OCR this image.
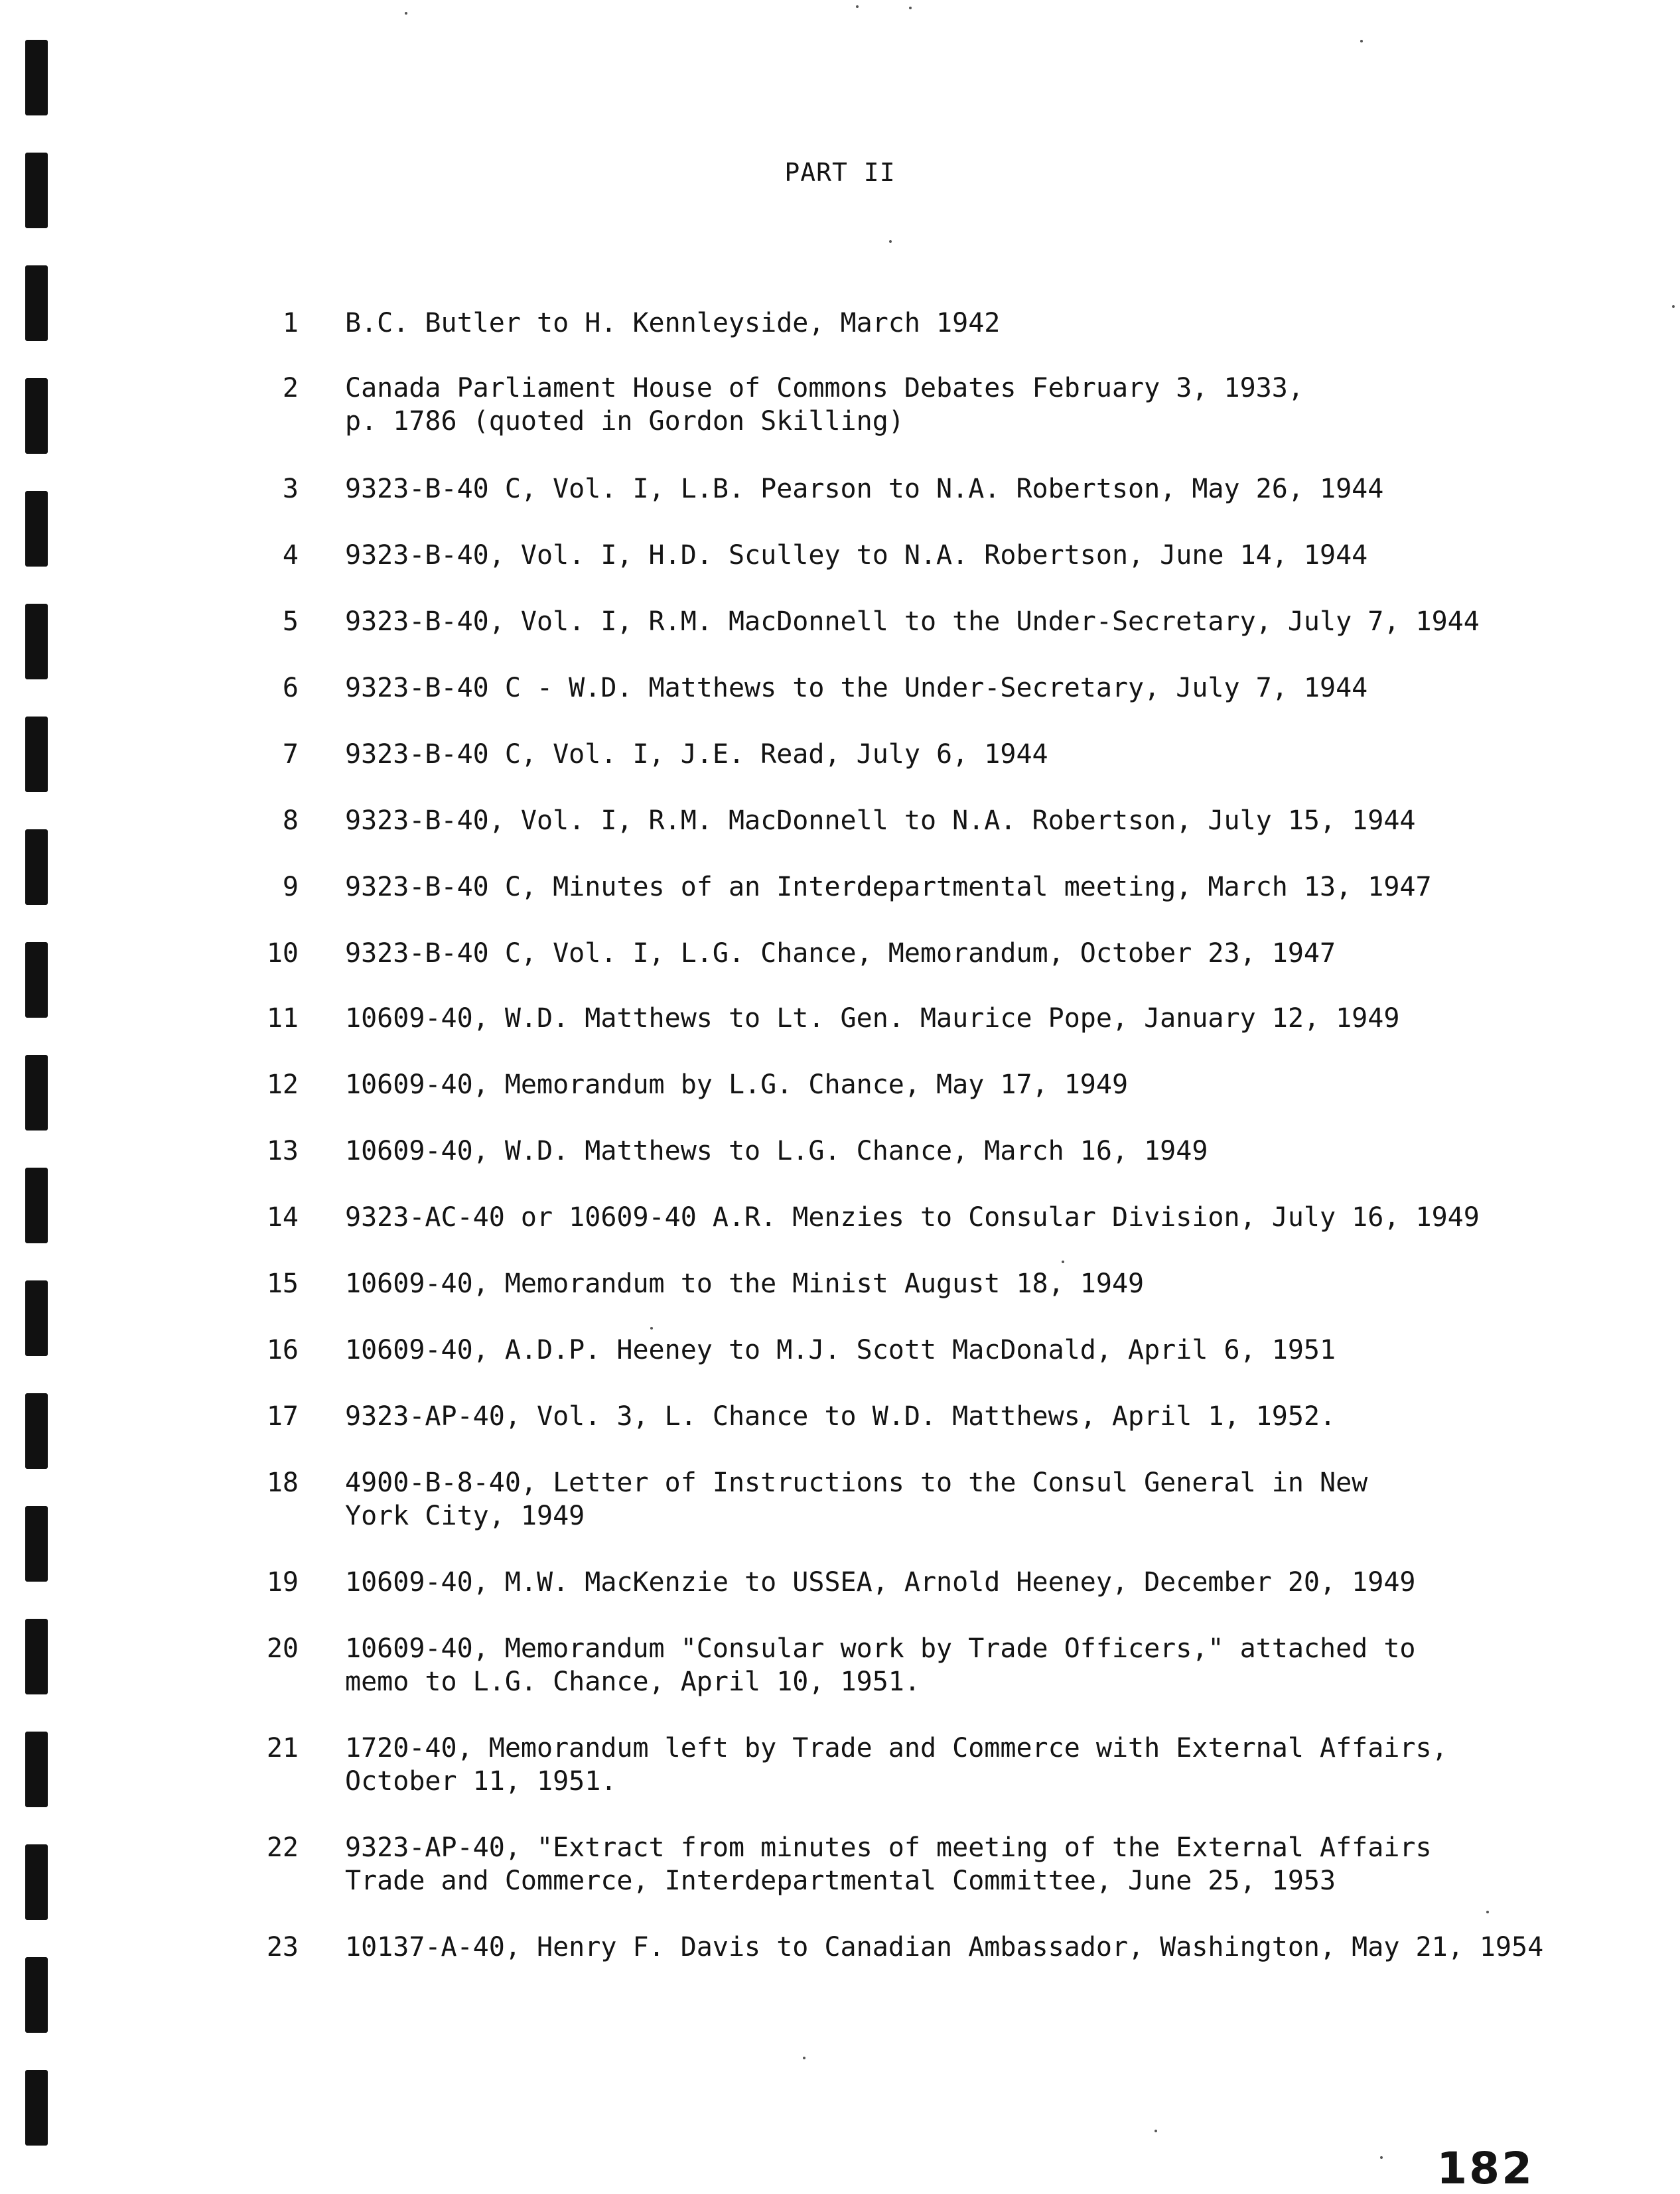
PART II
1 B.C. Butler to H. Kennleyside, March 1942
2 Canada Parliament House of Commons Debates February 3, 1933,
p. 1786 (quoted in Gordon Skilling)
3 9323-B-40 C, Vol. I, L.B. Pearson to N.A. Robertson, May 26, 1944
4 9323-B-40, Vol. I, H.D. Sculley to N.A. Robertson, June 14, 1944
5 9323-B-40, Vol. I, R.M. MacDonnell to the Under-Secretary, July 7, 1944
6 9323-B-40 C - W.D. Matthews to the Under-Secretary, July 7, 1944
7 9323-B-40 C, Vol. I, J.E. Read, July 6, 1944
8 9323-B-40, Vol. I, R.M. MacDonnell to N.A. Robertson, July 15, 1944
9 9323-B-40 C, Minutes of an Interdepartmental meeting, March 13, 1947
10 9323-B-40 C, Vol. I, L.G. Chance, Memorandum, October 23, 1947
11 10609-40, W.D. Matthews to Lt. Gen. Maurice Pope, January 12, 1949
12 10609-40, Memorandum by L.G. Chance, May 17, 1949
13 10609-40, W.D. Matthews to L.G. Chance, March 16, 1949
14 9323-AC-40 or 10609-40 A.R. Menzies to Consular Division, July 16, 1949
15 10609-40, Memorandum to the Minist August 18, 1949
16 10609-40, A.D.P. Heeney to M.J. Scott MacDonald, April 6, 1951
17 9323-AP-40, Vol. 3, L. Chance to W.D. Matthews, April 1, 1952.
18 4900-B-8-40, Letter of Instructions to the Consul General in New
York City, 1949
19 10609-40, M.W. MacKenzie to USSEA, Arnold Heeney, December 20, 1949
20 10609-40, Memorandum "Consular work by Trade Officers," attached to
memo to L.G. Chance, April 10, 1951.
21 1720-40, Memorandum left by Trade and Commerce with External Affairs,
October 11, 1951.
22 9323-AP-40, "Extract from minutes of meeting of the External Affairs
Trade and Commerce, Interdepartmental Committee, June 25, 1953
23 10137-A-40, Henry F. Davis to Canadian Ambassador, Washington, May 21, 1954
182
